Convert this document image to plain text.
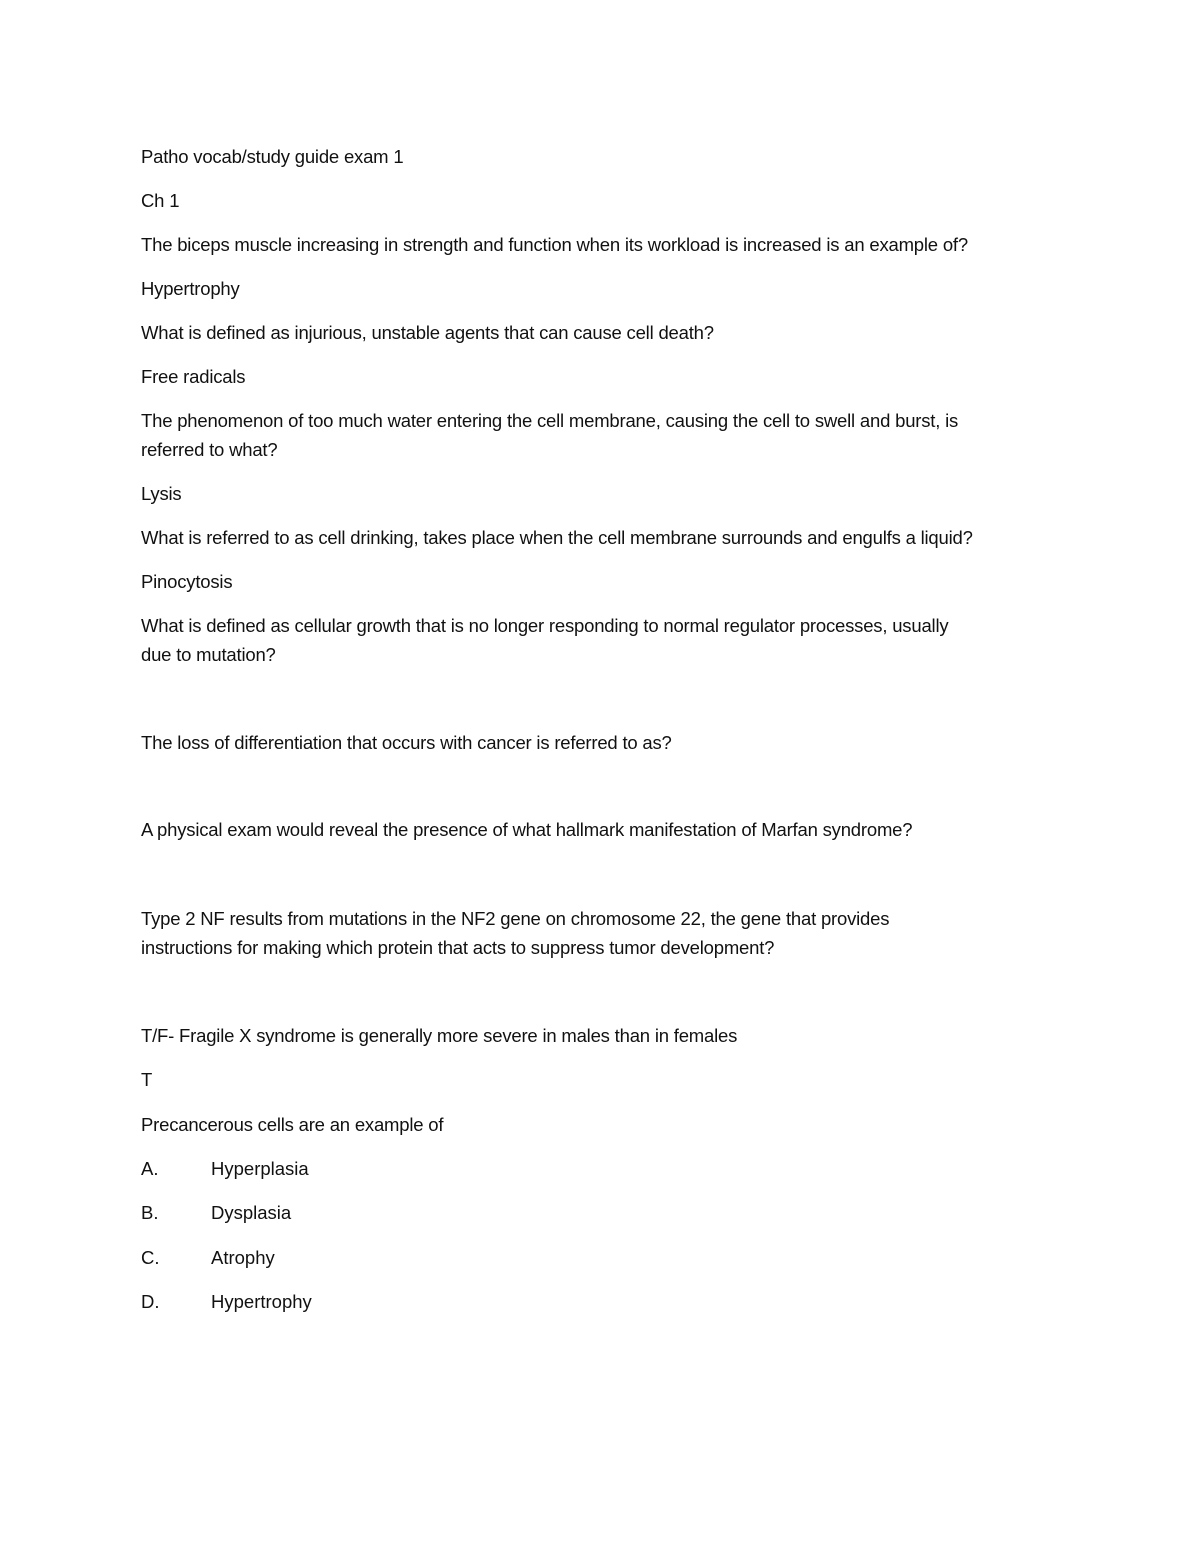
Patho vocab/study guide exam 1
Ch 1
The biceps muscle increasing in strength and function when its workload is increased is an example of?
Hypertrophy
What is defined as injurious, unstable agents that can cause cell death?
Free radicals
The phenomenon of too much water entering the cell membrane, causing the cell to swell and burst, is
referred to what?
Lysis
What is referred to as cell drinking, takes place when the cell membrane surrounds and engulfs a liquid?
Pinocytosis
What is defined as cellular growth that is no longer responding to normal regulator processes, usually
due to mutation?
The loss of differentiation that occurs with cancer is referred to as?
A physical exam would reveal the presence of what hallmark manifestation of Marfan syndrome?
Type 2 NF results from mutations in the NF2 gene on chromosome 22, the gene that provides
instructions for making which protein that acts to suppress tumor development?
T/F- Fragile X syndrome is generally more severe in males than in females
T
Precancerous cells are an example of
A.	Hyperplasia
B.	Dysplasia
C.	Atrophy
D.	Hypertrophy
